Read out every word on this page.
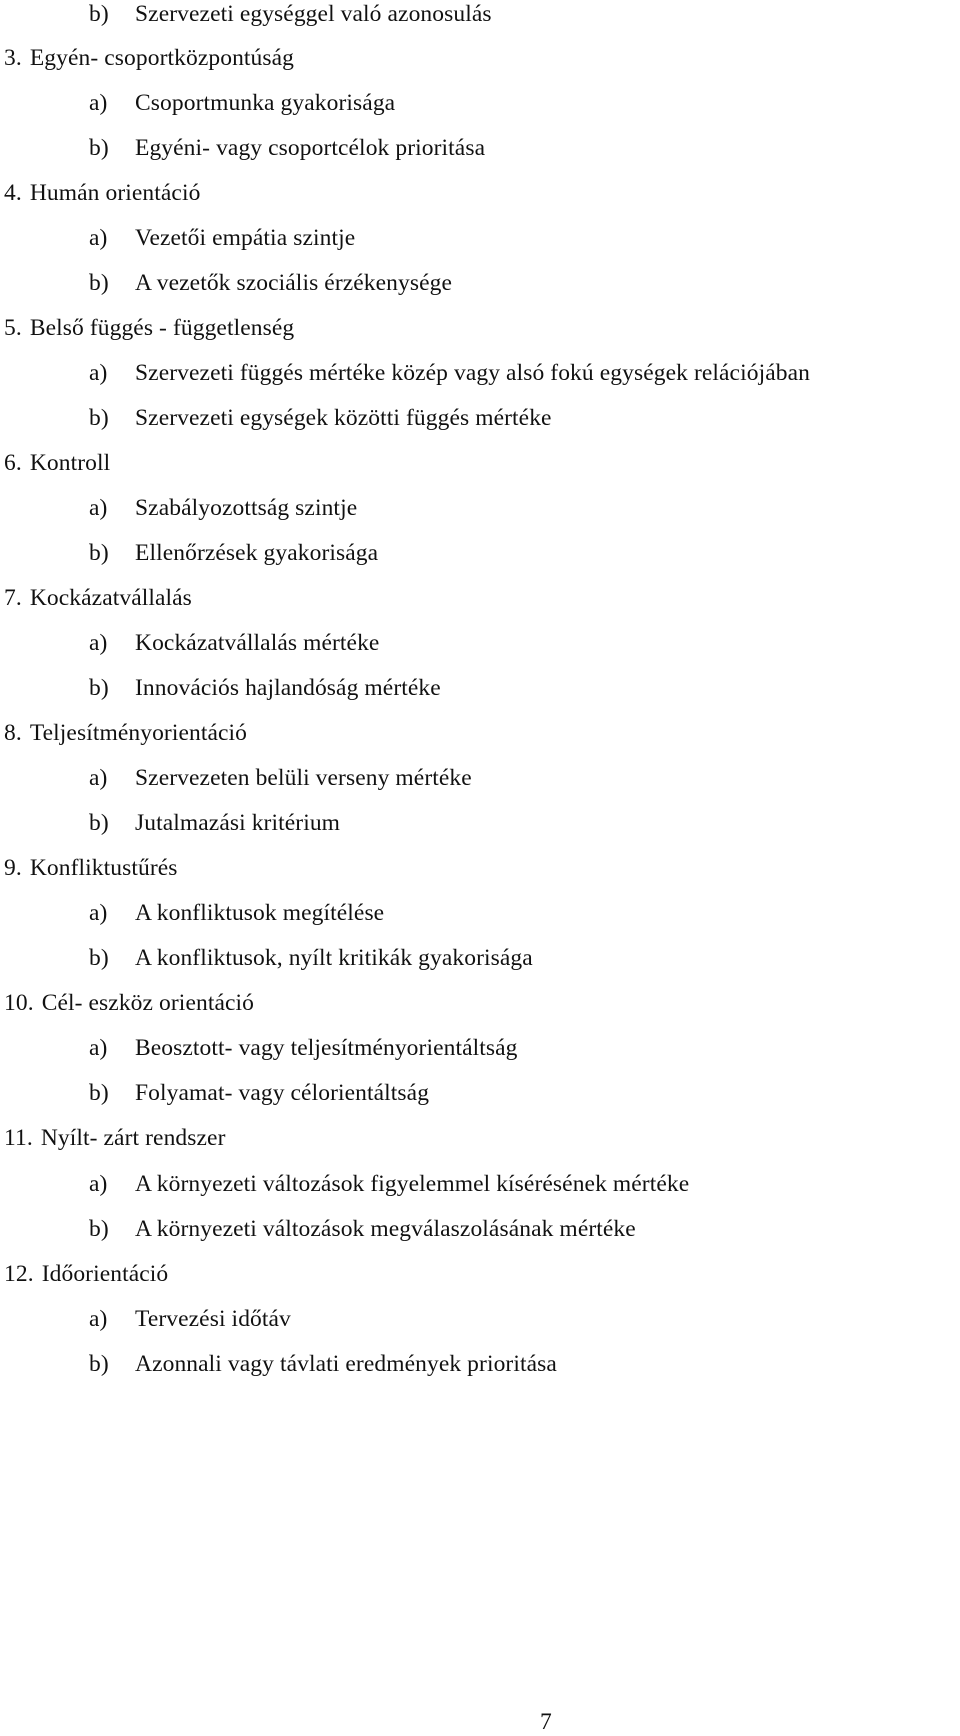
b) Szervezeti egységgel való azonosulás
3. Egyén- csoportközpontúság
a) Csoportmunka gyakorisága
b) Egyéni- vagy csoportcélok prioritása
4. Humán orientáció
a) Vezetői empátia szintje
b) A vezetők szociális érzékenysége
5. Belső függés - függetlenség
a) Szervezeti függés mértéke közép vagy alsó fokú egységek relációjában
b) Szervezeti egységek közötti függés mértéke
6. Kontroll
a) Szabályozottság szintje
b) Ellenőrzések gyakorisága
7. Kockázatvállalás
a) Kockázatvállalás mértéke
b) Innovációs hajlandóság mértéke
8. Teljesítményorientáció
a) Szervezeten belüli verseny mértéke
b) Jutalmazási kritérium
9. Konfliktustűrés
a) A konfliktusok megítélése
b) A konfliktusok, nyílt kritikák gyakorisága
10. Cél- eszköz orientáció
a) Beosztott- vagy teljesítményorientáltság
b) Folyamat- vagy célorientáltság
11. Nyílt- zárt rendszer
a) A környezeti változások figyelemmel kísérésének mértéke
b) A környezeti változások megválaszolásának mértéke
12. Időorientáció
a) Tervezési időtáv
b) Azonnali vagy távlati eredmények prioritása
7
